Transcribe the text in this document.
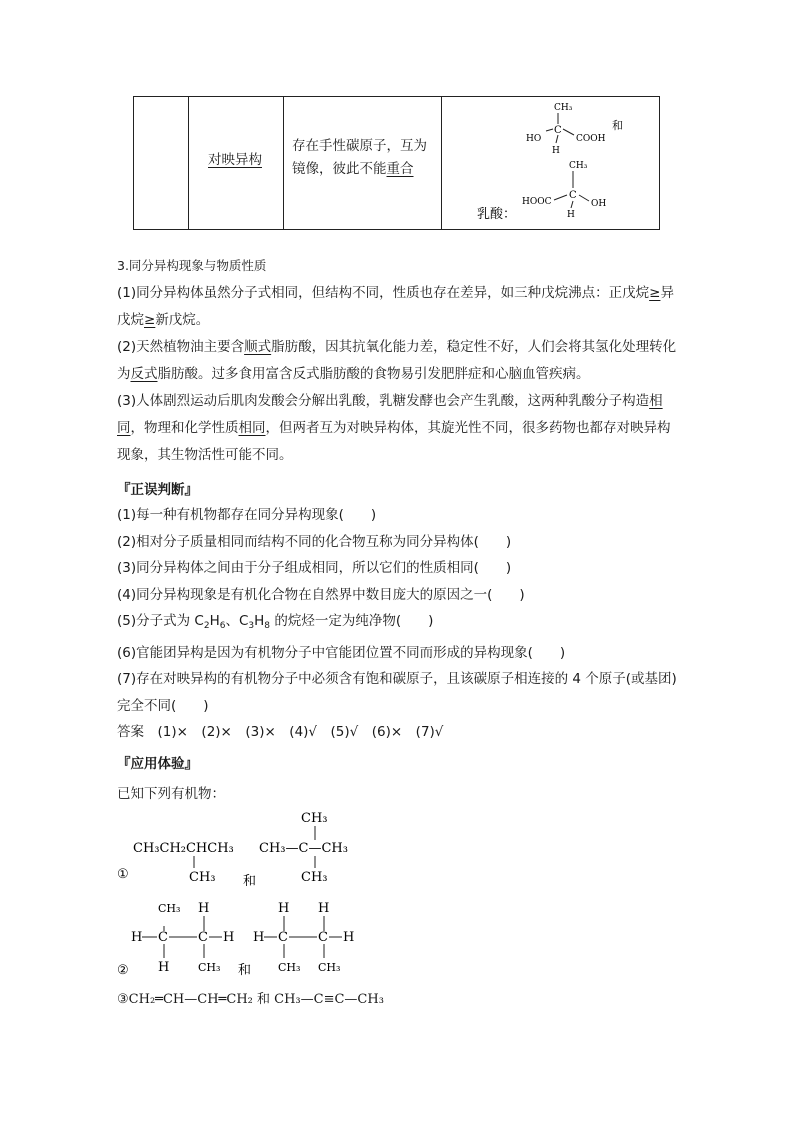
对映异构
存在手性碳原子，互为
镜像，彼此不能重合
CH₃
C
HO	COOH
H
和
CH₃
C
HOOC	OH
H
乳酸：
3.同分异构现象与物质性质
(1)同分异构体虽然分子式相同，但结构不同，性质也存在差异，如三种戊烷沸点：正戊烷≥异戊烷≥新戊烷。
(2)天然植物油主要含顺式脂肪酸，因其抗氧化能力差，稳定性不好，人们会将其氢化处理转化为反式脂肪酸。过多食用富含反式脂肪酸的食物易引发肥胖症和心脑血管疾病。
(3)人体剧烈运动后肌肉发酸会分解出乳酸，乳糖发酵也会产生乳酸，这两种乳酸分子构造相同，物理和化学性质相同，但两者互为对映异构体，其旋光性不同，很多药物也都存对映异构现象，其生物活性可能不同。
『正误判断』
(1)每一种有机物都存在同分异构现象(　　)
(2)相对分子质量相同而结构不同的化合物互称为同分异构体(　　)
(3)同分异构体之间由于分子组成相同，所以它们的性质相同(　　)
(4)同分异构现象是有机化合物在自然界中数目庞大的原因之一(　　)
(5)分子式为 $C_2H_6$、$C_3H_8$ 的烷烃一定为纯净物(　　)
(6)官能团异构是因为有机物分子中官能团位置不同而形成的异构现象(　　)
(7)存在对映异构的有机物分子中必须含有饱和碳原子，且该碳原子相连接的 4 个原子(或基团)
完全不同(　　)
答案　(1)×　(2)×　(3)×　(4)√　(5)√　(6)×　(7)√
『应用体验』
已知下列有机物：
①
CH₃CH₂CHCH₃
CH₃ 和
CH₃
CH₃—C—CH₃
CH₃
②
H C
CH₃
H
C
H
CH₃
H
和
H C
H
CH₃
C
H
CH₃
H
③CH₂═CH—CH═CH₂ 和 CH₃—C≡C—CH₃
